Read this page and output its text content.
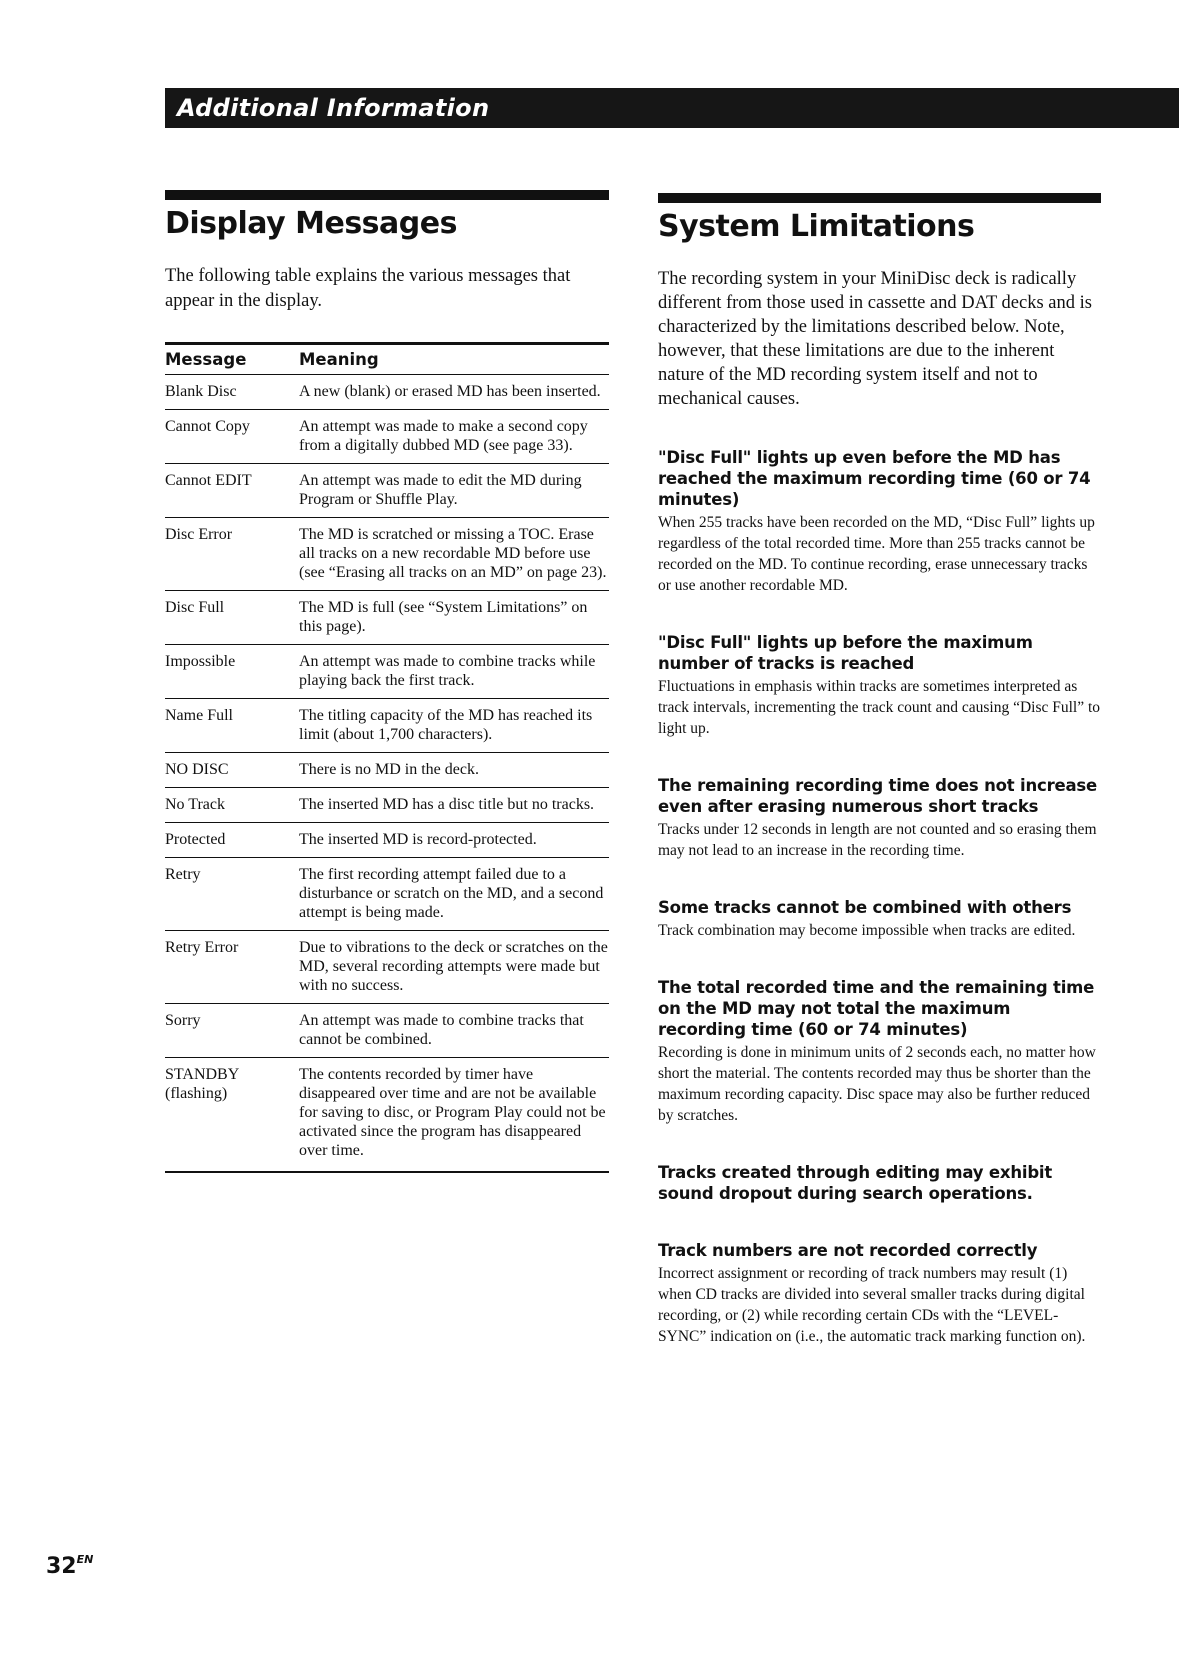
Additional Information
Display Messages

The following table explains the various messages that appear in the display.

Message	Meaning
Blank Disc	A new (blank) or erased MD has been inserted.
Cannot Copy	An attempt was made to make a second copy from a digitally dubbed MD (see page 33).
Cannot EDIT	An attempt was made to edit the MD during Program or Shuffle Play.
Disc Error	The MD is scratched or missing a TOC. Erase all tracks on a new recordable MD before use (see “Erasing all tracks on an MD” on page 23).
Disc Full	The MD is full (see “System Limitations” on this page).
Impossible	An attempt was made to combine tracks while playing back the first track.
Name Full	The titling capacity of the MD has reached its limit (about 1,700 characters).
NO DISC	There is no MD in the deck.
No Track	The inserted MD has a disc title but no tracks.
Protected	The inserted MD is record-protected.
Retry	The first recording attempt failed due to a disturbance or scratch on the MD, and a second attempt is being made.
Retry Error	Due to vibrations to the deck or scratches on the MD, several recording attempts were made but with no success.
Sorry	An attempt was made to combine tracks that cannot be combined.
STANDBY (flashing)	The contents recorded by timer have disappeared over time and are not be available for saving to disc, or Program Play could not be activated since the program has disappeared over time.
System Limitations

The recording system in your MiniDisc deck is radically different from those used in cassette and DAT decks and is characterized by the limitations described below. Note, however, that these limitations are due to the inherent nature of the MD recording system itself and not to mechanical causes.

"Disc Full" lights up even before the MD has reached the maximum recording time (60 or 74 minutes)

When 255 tracks have been recorded on the MD, “Disc Full” lights up regardless of the total recorded time. More than 255 tracks cannot be recorded on the MD. To continue recording, erase unnecessary tracks or use another recordable MD.

"Disc Full" lights up before the maximum number of tracks is reached

Fluctuations in emphasis within tracks are sometimes interpreted as track intervals, incrementing the track count and causing “Disc Full” to light up.

The remaining recording time does not increase even after erasing numerous short tracks

Tracks under 12 seconds in length are not counted and so erasing them may not lead to an increase in the recording time.

Some tracks cannot be combined with others

Track combination may become impossible when tracks are edited.

The total recorded time and the remaining time on the MD may not total the maximum recording time (60 or 74 minutes)

Recording is done in minimum units of 2 seconds each, no matter how short the material. The contents recorded may thus be shorter than the maximum recording capacity. Disc space may also be further reduced by scratches.

Tracks created through editing may exhibit sound dropout during search operations.

Track numbers are not recorded correctly

Incorrect assignment or recording of track numbers may result (1) when CD tracks are divided into several smaller tracks during digital recording, or (2) while recording certain CDs with the “LEVEL-SYNC” indication on (i.e., the automatic track marking function on).

$32^{EN}$
